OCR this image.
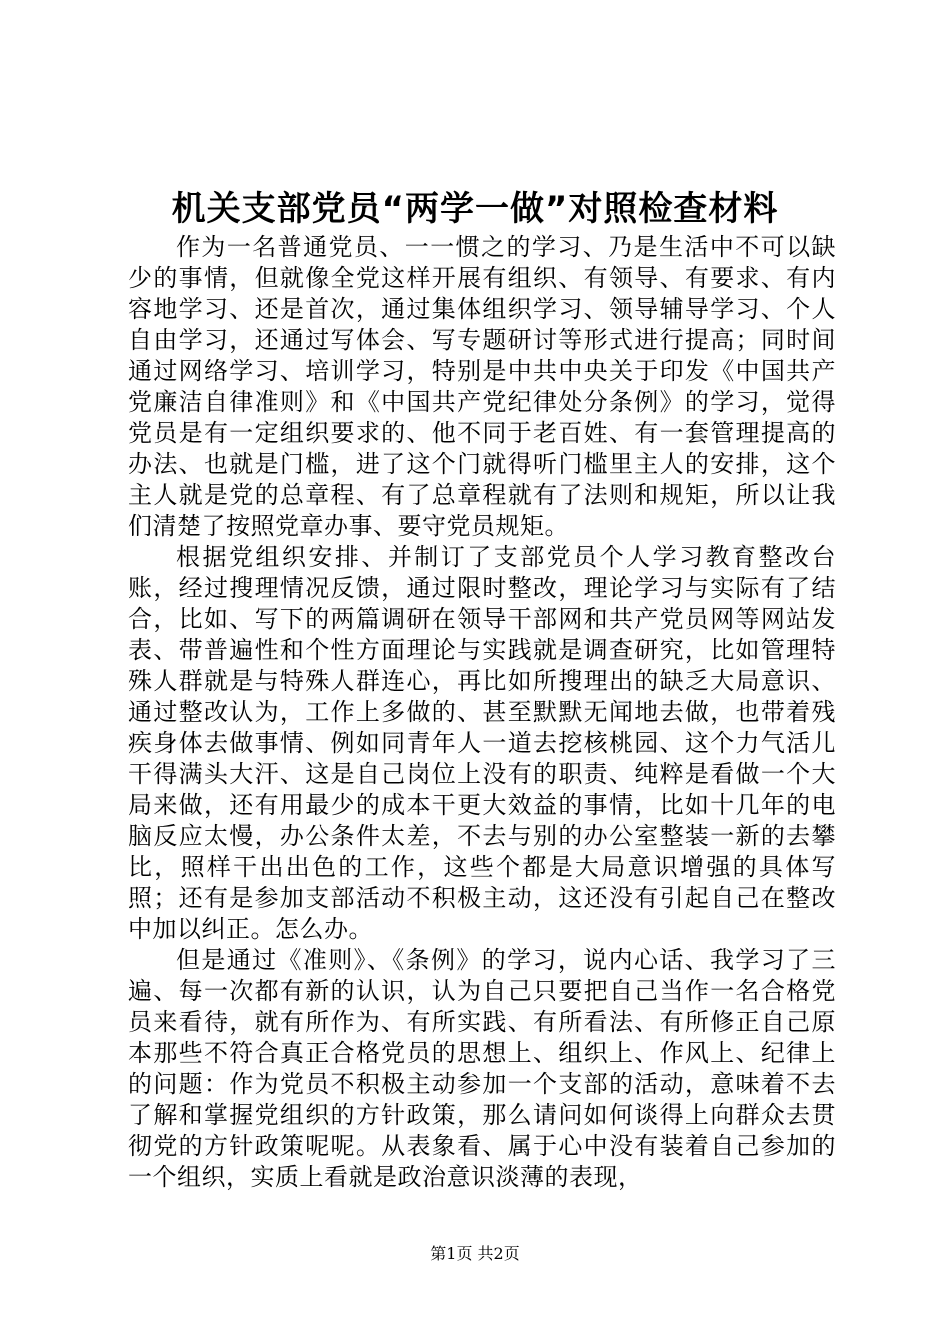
机关支部党员“两学一做”对照检查材料

作为一名普通党员、一一惯之的学习、乃是生活中不可以缺少的事情，但就像全党这样开展有组织、有领导、有要求、有内容地学习、还是首次，通过集体组织学习、领导辅导学习、个人自由学习，还通过写体会、写专题研讨等形式进行提高；同时间通过网络学习、培训学习，特别是中共中央关于印发《中国共产党廉洁自律准则》和《中国共产党纪律处分条例》的学习，觉得党员是有一定组织要求的、他不同于老百姓、有一套管理提高的办法、也就是门槛，进了这个门就得听门槛里主人的安排，这个主人就是党的总章程、有了总章程就有了法则和规矩，所以让我们清楚了按照党章办事、要守党员规矩。

根据党组织安排、并制订了支部党员个人学习教育整改台账，经过搜理情况反馈，通过限时整改，理论学习与实际有了结合，比如、写下的两篇调研在领导干部网和共产党员网等网站发表、带普遍性和个性方面理论与实践就是调查研究，比如管理特殊人群就是与特殊人群连心，再比如所搜理出的缺乏大局意识、通过整改认为，工作上多做的、甚至默默无闻地去做，也带着残疾身体去做事情、例如同青年人一道去挖核桃园、这个力气活儿干得满头大汗、这是自己岗位上没有的职责、纯粹是看做一个大局来做，还有用最少的成本干更大效益的事情，比如十几年的电脑反应太慢，办公条件太差，不去与别的办公室整装一新的去攀比，照样干出出色的工作，这些个都是大局意识增强的具体写照；还有是参加支部活动不积极主动，这还没有引起自己在整改中加以纠正。怎么办。

但是通过《准则》、《条例》的学习，说内心话、我学习了三遍、每一次都有新的认识，认为自己只要把自己当作一名合格党员来看待，就有所作为、有所实践、有所看法、有所修正自己原本那些不符合真正合格党员的思想上、组织上、作风上、纪律上的问题：作为党员不积极主动参加一个支部的活动，意味着不去了解和掌握党组织的方针政策，那么请问如何谈得上向群众去贯彻党的方针政策呢呢。从表象看、属于心中没有装着自己参加的一个组织，实质上看就是政治意识淡薄的表现，

第1页 共2页
